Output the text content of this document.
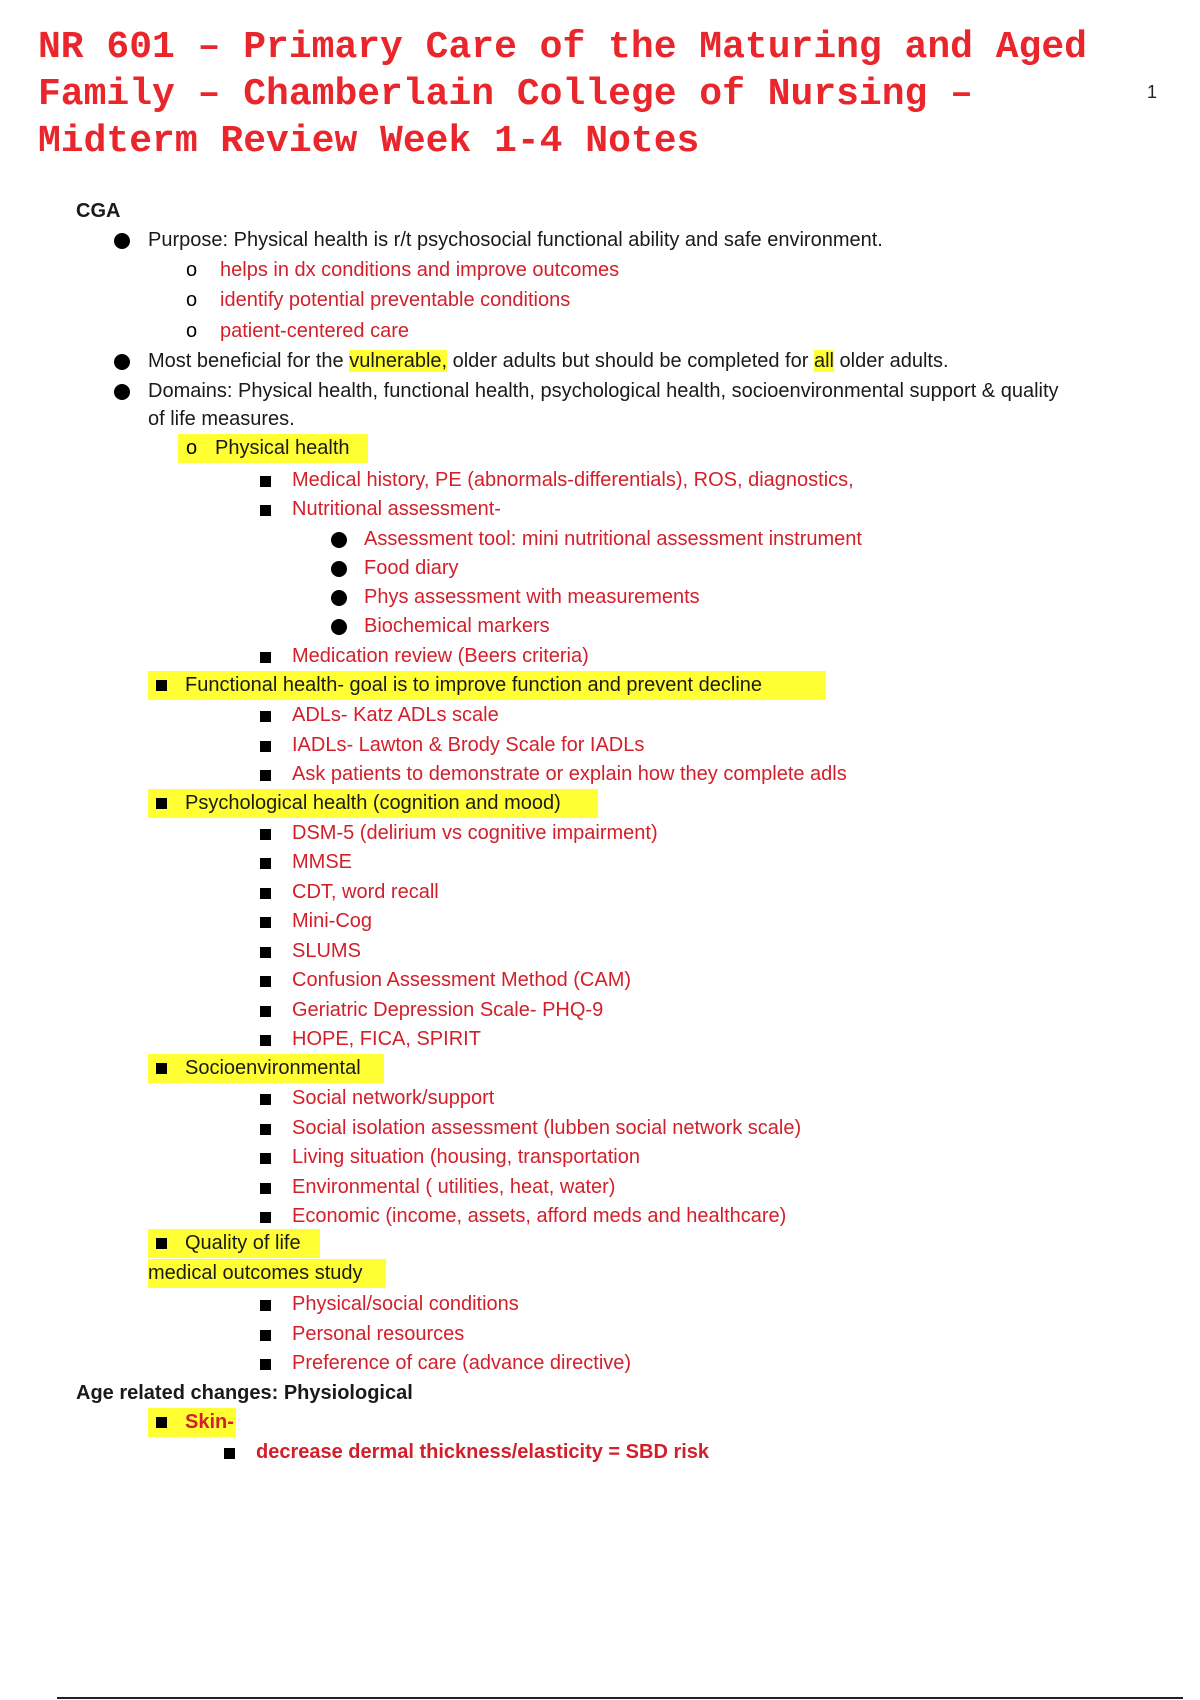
NR 601 – Primary Care of the Maturing and Aged
Family – Chamberlain College of Nursing –
Midterm Review Week 1-4 Notes
1
CGA
Purpose: Physical health is r/t psychosocial functional ability and safe environment.
o helps in dx conditions and improve outcomes
o identify potential preventable conditions
o patient-centered care
Most beneficial for the vulnerable, older adults but should be completed for all older adults.
Domains: Physical health, functional health, psychological health, socioenvironmental support & quality
of life measures.
o Physical health
Medical history, PE (abnormals-differentials), ROS, diagnostics,
Nutritional assessment-
Assessment tool: mini nutritional assessment instrument
Food diary
Phys assessment with measurements
Biochemical markers
Medication review (Beers criteria)
Functional health- goal is to improve function and prevent decline
ADLs- Katz ADLs scale
IADLs- Lawton & Brody Scale for IADLs
Ask patients to demonstrate or explain how they complete adls
Psychological health (cognition and mood)
DSM-5 (delirium vs cognitive impairment)
MMSE
CDT, word recall
Mini-Cog
SLUMS
Confusion Assessment Method (CAM)
Geriatric Depression Scale- PHQ-9
HOPE, FICA, SPIRIT
Socioenvironmental
Social network/support
Social isolation assessment (lubben social network scale)
Living situation (housing, transportation
Environmental ( utilities, heat, water)
Economic (income, assets, afford meds and healthcare)
Quality of life
medical outcomes study
Physical/social conditions
Personal resources
Preference of care (advance directive)
Age related changes: Physiological
Skin-
decrease dermal thickness/elasticity = SBD risk
